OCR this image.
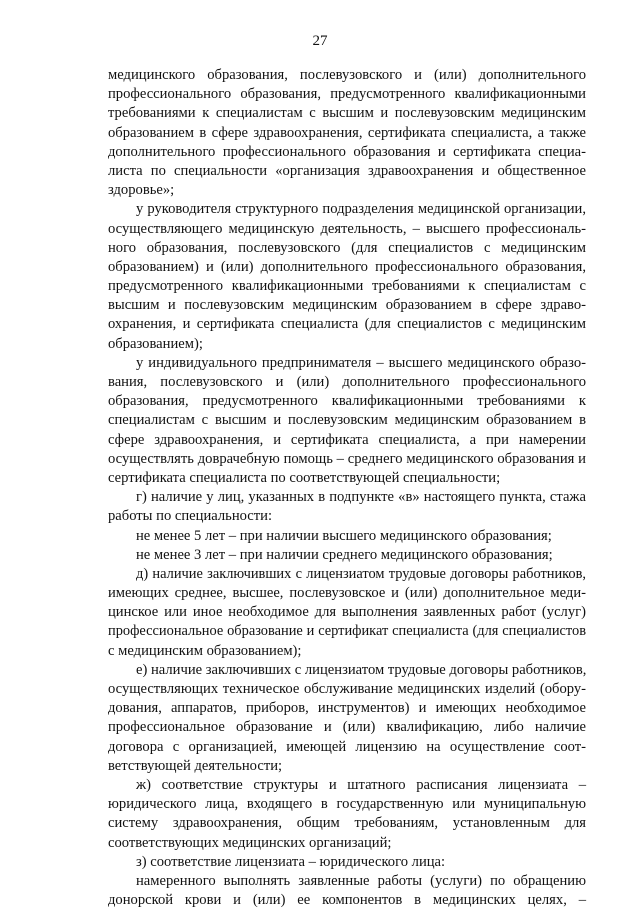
27
медицинского образования, послевузовского и (или) дополнительного
профессионального образования, предусмотренного квалификационными
требованиями к специалистам с высшим и послевузовским медицинским
образованием в сфере здравоохранения, сертификата специалиста, а также
дополнительного профессионального образования и сертификата специа-
листа по специальности «организация здравоохранения и общественное
здоровье»;
у руководителя структурного подразделения медицинской организации,
осуществляющего медицинскую деятельность, – высшего профессиональ-
ного образования, послевузовского (для специалистов с медицинским
образованием) и (или) дополнительного профессионального образования,
предусмотренного квалификационными требованиями к специалистам с
высшим и послевузовским медицинским образованием в сфере здраво-
охранения, и сертификата специалиста (для специалистов с медицинским
образованием);
у индивидуального предпринимателя – высшего медицинского образо-
вания, послевузовского и (или) дополнительного профессионального
образования, предусмотренного квалификационными требованиями к
специалистам с высшим и послевузовским медицинским образованием в
сфере здравоохранения, и сертификата специалиста, а при намерении
осуществлять доврачебную помощь – среднего медицинского образования и
сертификата специалиста по соответствующей специальности;
г) наличие у лиц, указанных в подпункте «в» настоящего пункта, стажа
работы по специальности:
не менее 5 лет – при наличии высшего медицинского образования;
не менее 3 лет – при наличии среднего медицинского образования;
д) наличие заключивших с лицензиатом трудовые договоры работников,
имеющих среднее, высшее, послевузовское и (или) дополнительное меди-
цинское или иное необходимое для выполнения заявленных работ (услуг)
профессиональное образование и сертификат специалиста (для специалистов
с медицинским образованием);
е) наличие заключивших с лицензиатом трудовые договоры работников,
осуществляющих техническое обслуживание медицинских изделий (обору-
дования, аппаратов, приборов, инструментов) и имеющих необходимое
профессиональное образование и (или) квалификацию, либо наличие
договора с организацией, имеющей лицензию на осуществление соот-
ветствующей деятельности;
ж) соответствие структуры и штатного расписания лицензиата –
юридического лица, входящего в государственную или муниципальную
систему здравоохранения, общим требованиям, установленным для
соответствующих медицинских организаций;
з) соответствие лицензиата – юридического лица:
намеренного выполнять заявленные работы (услуги) по обращению
донорской крови и (или) ее компонентов в медицинских целях, –
